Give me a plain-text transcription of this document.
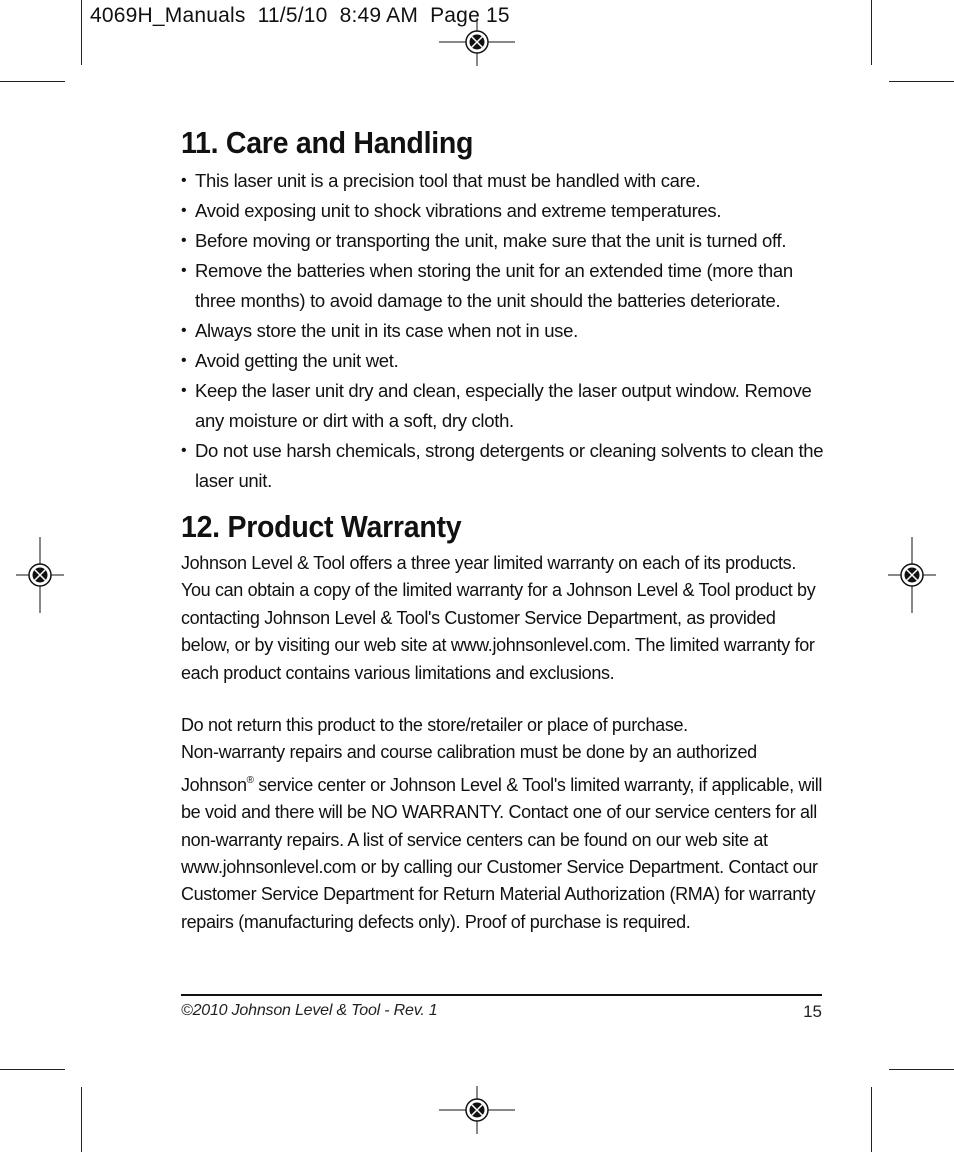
4069H_Manuals  11/5/10  8:49 AM  Page 15
11. Care and Handling
• This laser unit is a precision tool that must be handled with care.
• Avoid exposing unit to shock vibrations and extreme temperatures.
• Before moving or transporting the unit, make sure that the unit is turned off.
• Remove the batteries when storing the unit for an extended time (more than three months) to avoid damage to the unit should the batteries deteriorate.
• Always store the unit in its case when not in use.
• Avoid getting the unit wet.
• Keep the laser unit dry and clean, especially the laser output window. Remove any moisture or dirt with a soft, dry cloth.
• Do not use harsh chemicals, strong detergents or cleaning solvents to clean the laser unit.
12. Product Warranty

Johnson Level & Tool offers a three year limited warranty on each of its products. You can obtain a copy of the limited warranty for a Johnson Level & Tool product by contacting Johnson Level & Tool's Customer Service Department, as provided below, or by visiting our web site at www.johnsonlevel.com. The limited warranty for each product contains various limitations and exclusions.

Do not return this product to the store/retailer or place of purchase.
Non-warranty repairs and course calibration must be done by an authorized Johnson® service center or Johnson Level & Tool's limited warranty, if applicable, will be void and there will be NO WARRANTY. Contact one of our service centers for all non-warranty repairs. A list of service centers can be found on our web site at www.johnsonlevel.com or by calling our Customer Service Department. Contact our Customer Service Department for Return Material Authorization (RMA) for warranty repairs (manufacturing defects only). Proof of purchase is required.

©2010 Johnson Level & Tool - Rev. 1	15
